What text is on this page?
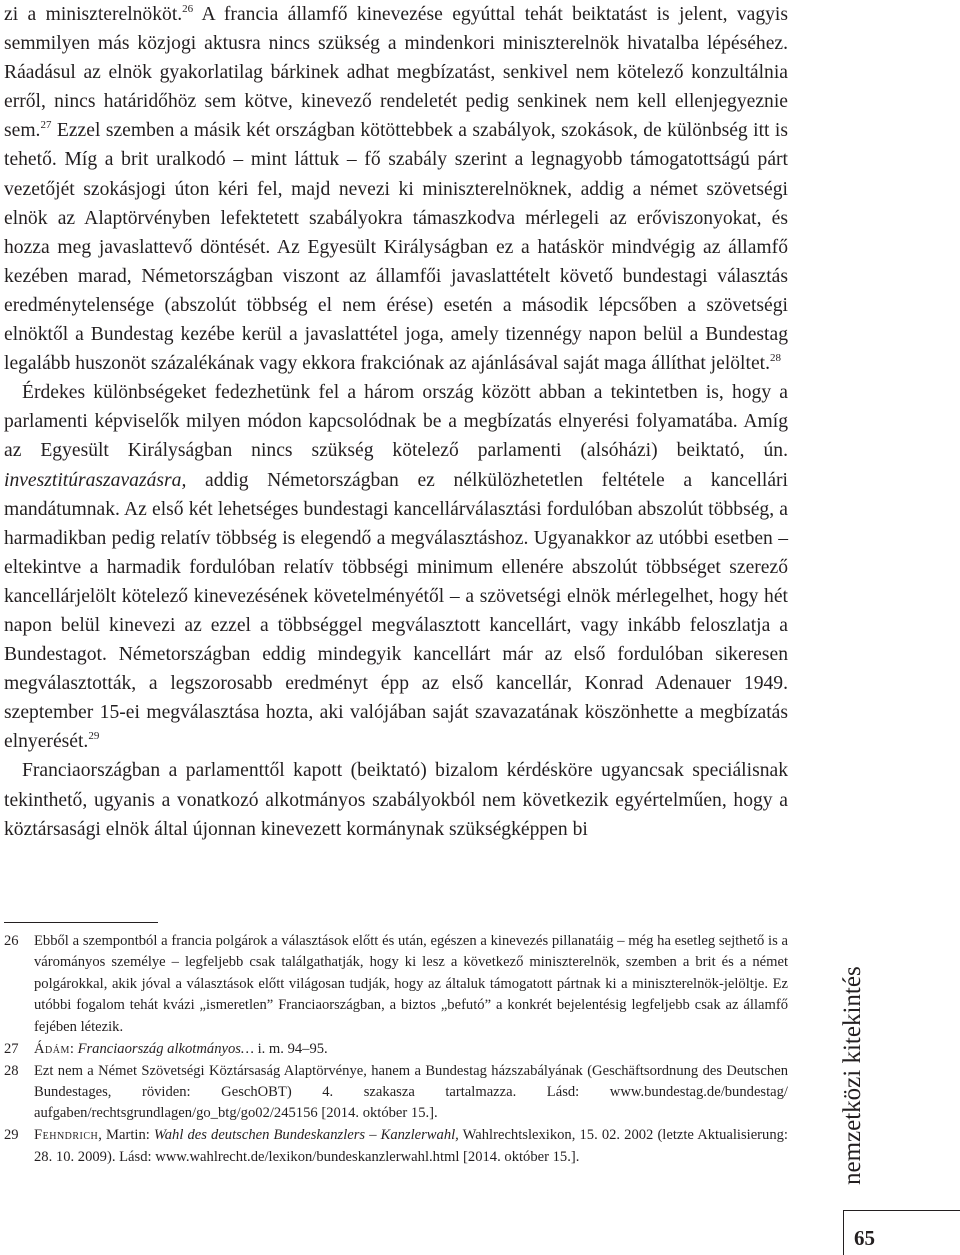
zi a miniszterelnököt.$^{26}$ A francia államfő kinevezése egyúttal tehát beiktatást is jelent, vagyis semmilyen más közjogi aktusra nincs szükség a mindenkori miniszterelnök hivatalba lépéséhez. Ráadásul az elnök gyakorlatilag bárkinek adhat megbízatást, senkivel nem kötelező konzultálnia erről, nincs határidőhöz sem kötve, kinevező rendeletét pedig senkinek nem kell ellenjegyeznie sem.$^{27}$ Ezzel szemben a másik két országban kötöttebbek a szabályok, szokások, de különbség itt is tehető. Míg a brit uralkodó – mint láttuk – fő szabály szerint a legnagyobb támogatottságú párt vezetőjét szokásjogi úton kéri fel, majd nevezi ki miniszterelnöknek, addig a német szövetségi elnök az Alaptörvényben lefektetett szabályokra támaszkodva mérlegeli az erőviszonyokat, és hozza meg javaslattevő döntését. Az Egyesült Királyságban ez a hatáskör mindvégig az államfő kezében marad, Németországban viszont az államfői javaslattételt követő bundestagi választás eredménytelensége (abszolút többség el nem érése) esetén a második lépcsőben a szövetségi elnöktől a Bundestag kezébe kerül a javaslattétel joga, amely tizennégy napon belül a Bundestag legalább huszonöt százalékának vagy ekkora frakciónak az ajánlásával saját maga állíthat jelöltet.$^{28}$

Érdekes különbségeket fedezhetünk fel a három ország között abban a tekintetben is, hogy a parlamenti képviselők milyen módon kapcsolódnak be a megbízatás elnyerési folyamatába. Amíg az Egyesült Királyságban nincs szükség kötelező parlamenti (alsóházi) beiktató, ún. invesztitúraszavazásra, addig Németországban ez nélkülözhetetlen feltétele a kancellári mandátumnak. Az első két lehetséges bundestagi kancellárválasztási fordulóban abszolút többség, a harmadikban pedig relatív többség is elegendő a megválasztáshoz. Ugyanakkor az utóbbi esetben – eltekintve a harmadik fordulóban relatív többségi minimum ellenére abszolút többséget szerező kancellárjelölt kötelező kinevezésének követelményétől – a szövetségi elnök mérlegelhet, hogy hét napon belül kinevezi az ezzel a többséggel megválasztott kancellárt, vagy inkább feloszlatja a Bundestagot. Németországban eddig mindegyik kancellárt már az első fordulóban sikeresen megválasztották, a legszorosabb eredményt épp az első kancellár, Konrad Adenauer 1949. szeptember 15-ei megválasztása hozta, aki valójában saját szavazatának köszönhette a megbízatás elnyerését.$^{29}$

Franciaországban a parlamenttől kapott (beiktató) bizalom kérdésköre ugyancsak speciálisnak tekinthető, ugyanis a vonatkozó alkotmányos szabályokból nem következik egyértelműen, hogy a köztársasági elnök által újonnan kinevezett kormánynak szükségképpen bi

26	Ebből a szempontból a francia polgárok a választások előtt és után, egészen a kinevezés pillanatáig – még ha esetleg sejthető is a várományos személye – legfeljebb csak találgathatják, hogy ki lesz a következő miniszterelnök, szemben a brit és a német polgárokkal, akik jóval a választások előtt világosan tudják, hogy az általuk támogatott pártnak ki a miniszterelnök-jelöltje. Ez utóbbi fogalom tehát kvázi „ismeretlen” Franciaországban, a biztos „befutó” a konkrét bejelentésig legfeljebb csak az államfő fejében létezik.
27	Ádám: Franciaország alkotmányos… i. m. 94–95.
28	Ezt nem a Német Szövetségi Köztársaság Alaptörvénye, hanem a Bundestag házszabályának (Geschäftsordnung des Deutschen Bundestages, röviden: GeschOBT) 4. szakasza tartalmazza. Lásd: www.bundestag.de/bundestag/ aufgaben/rechtsgrundlagen/go_btg/go02/245156 [2014. október 15.].
29	Fehndrich, Martin: Wahl des deutschen Bundeskanzlers – Kanzlerwahl, Wahlrechtslexikon, 15. 02. 2002 (letzte Aktualisierung: 28. 10. 2009). Lásd: www.wahlrecht.de/lexikon/bundeskanzlerwahl.html [2014. október 15.].	nemzetközi kitekintés
65
